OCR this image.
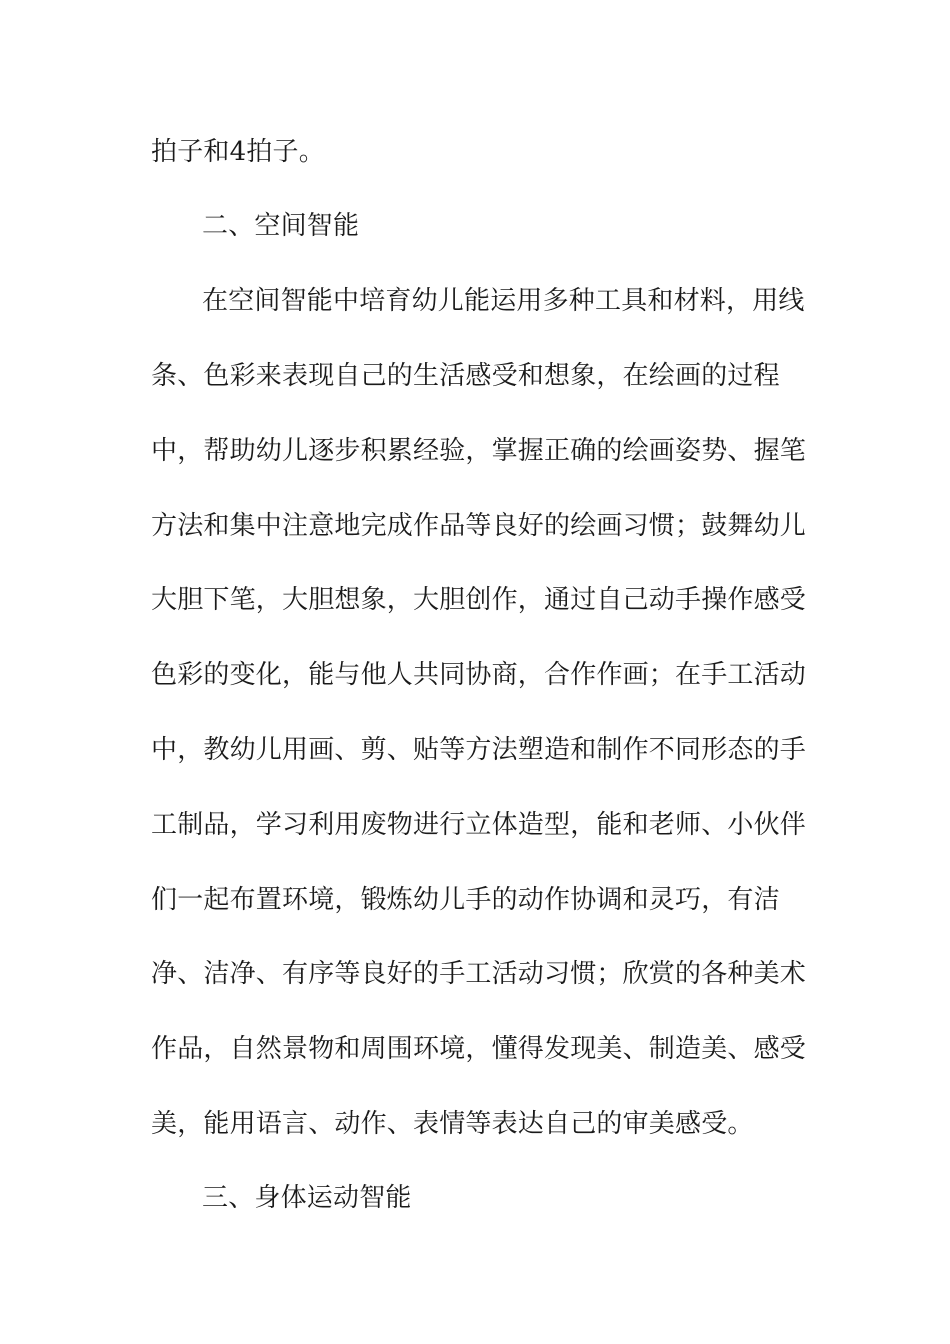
拍子和4拍子。

二、空间智能

在空间智能中培育幼儿能运用多种工具和材料，用线

条、色彩来表现自己的生活感受和想象，在绘画的过程

中，帮助幼儿逐步积累经验，掌握正确的绘画姿势、握笔

方法和集中注意地完成作品等良好的绘画习惯；鼓舞幼儿

大胆下笔，大胆想象，大胆创作，通过自己动手操作感受

色彩的变化，能与他人共同协商，合作作画；在手工活动

中，教幼儿用画、剪、贴等方法塑造和制作不同形态的手

工制品，学习利用废物进行立体造型，能和老师、小伙伴

们一起布置环境，锻炼幼儿手的动作协调和灵巧，有洁

净、洁净、有序等良好的手工活动习惯；欣赏的各种美术

作品，自然景物和周围环境，懂得发现美、制造美、感受

美，能用语言、动作、表情等表达自己的审美感受。

三、身体运动智能
